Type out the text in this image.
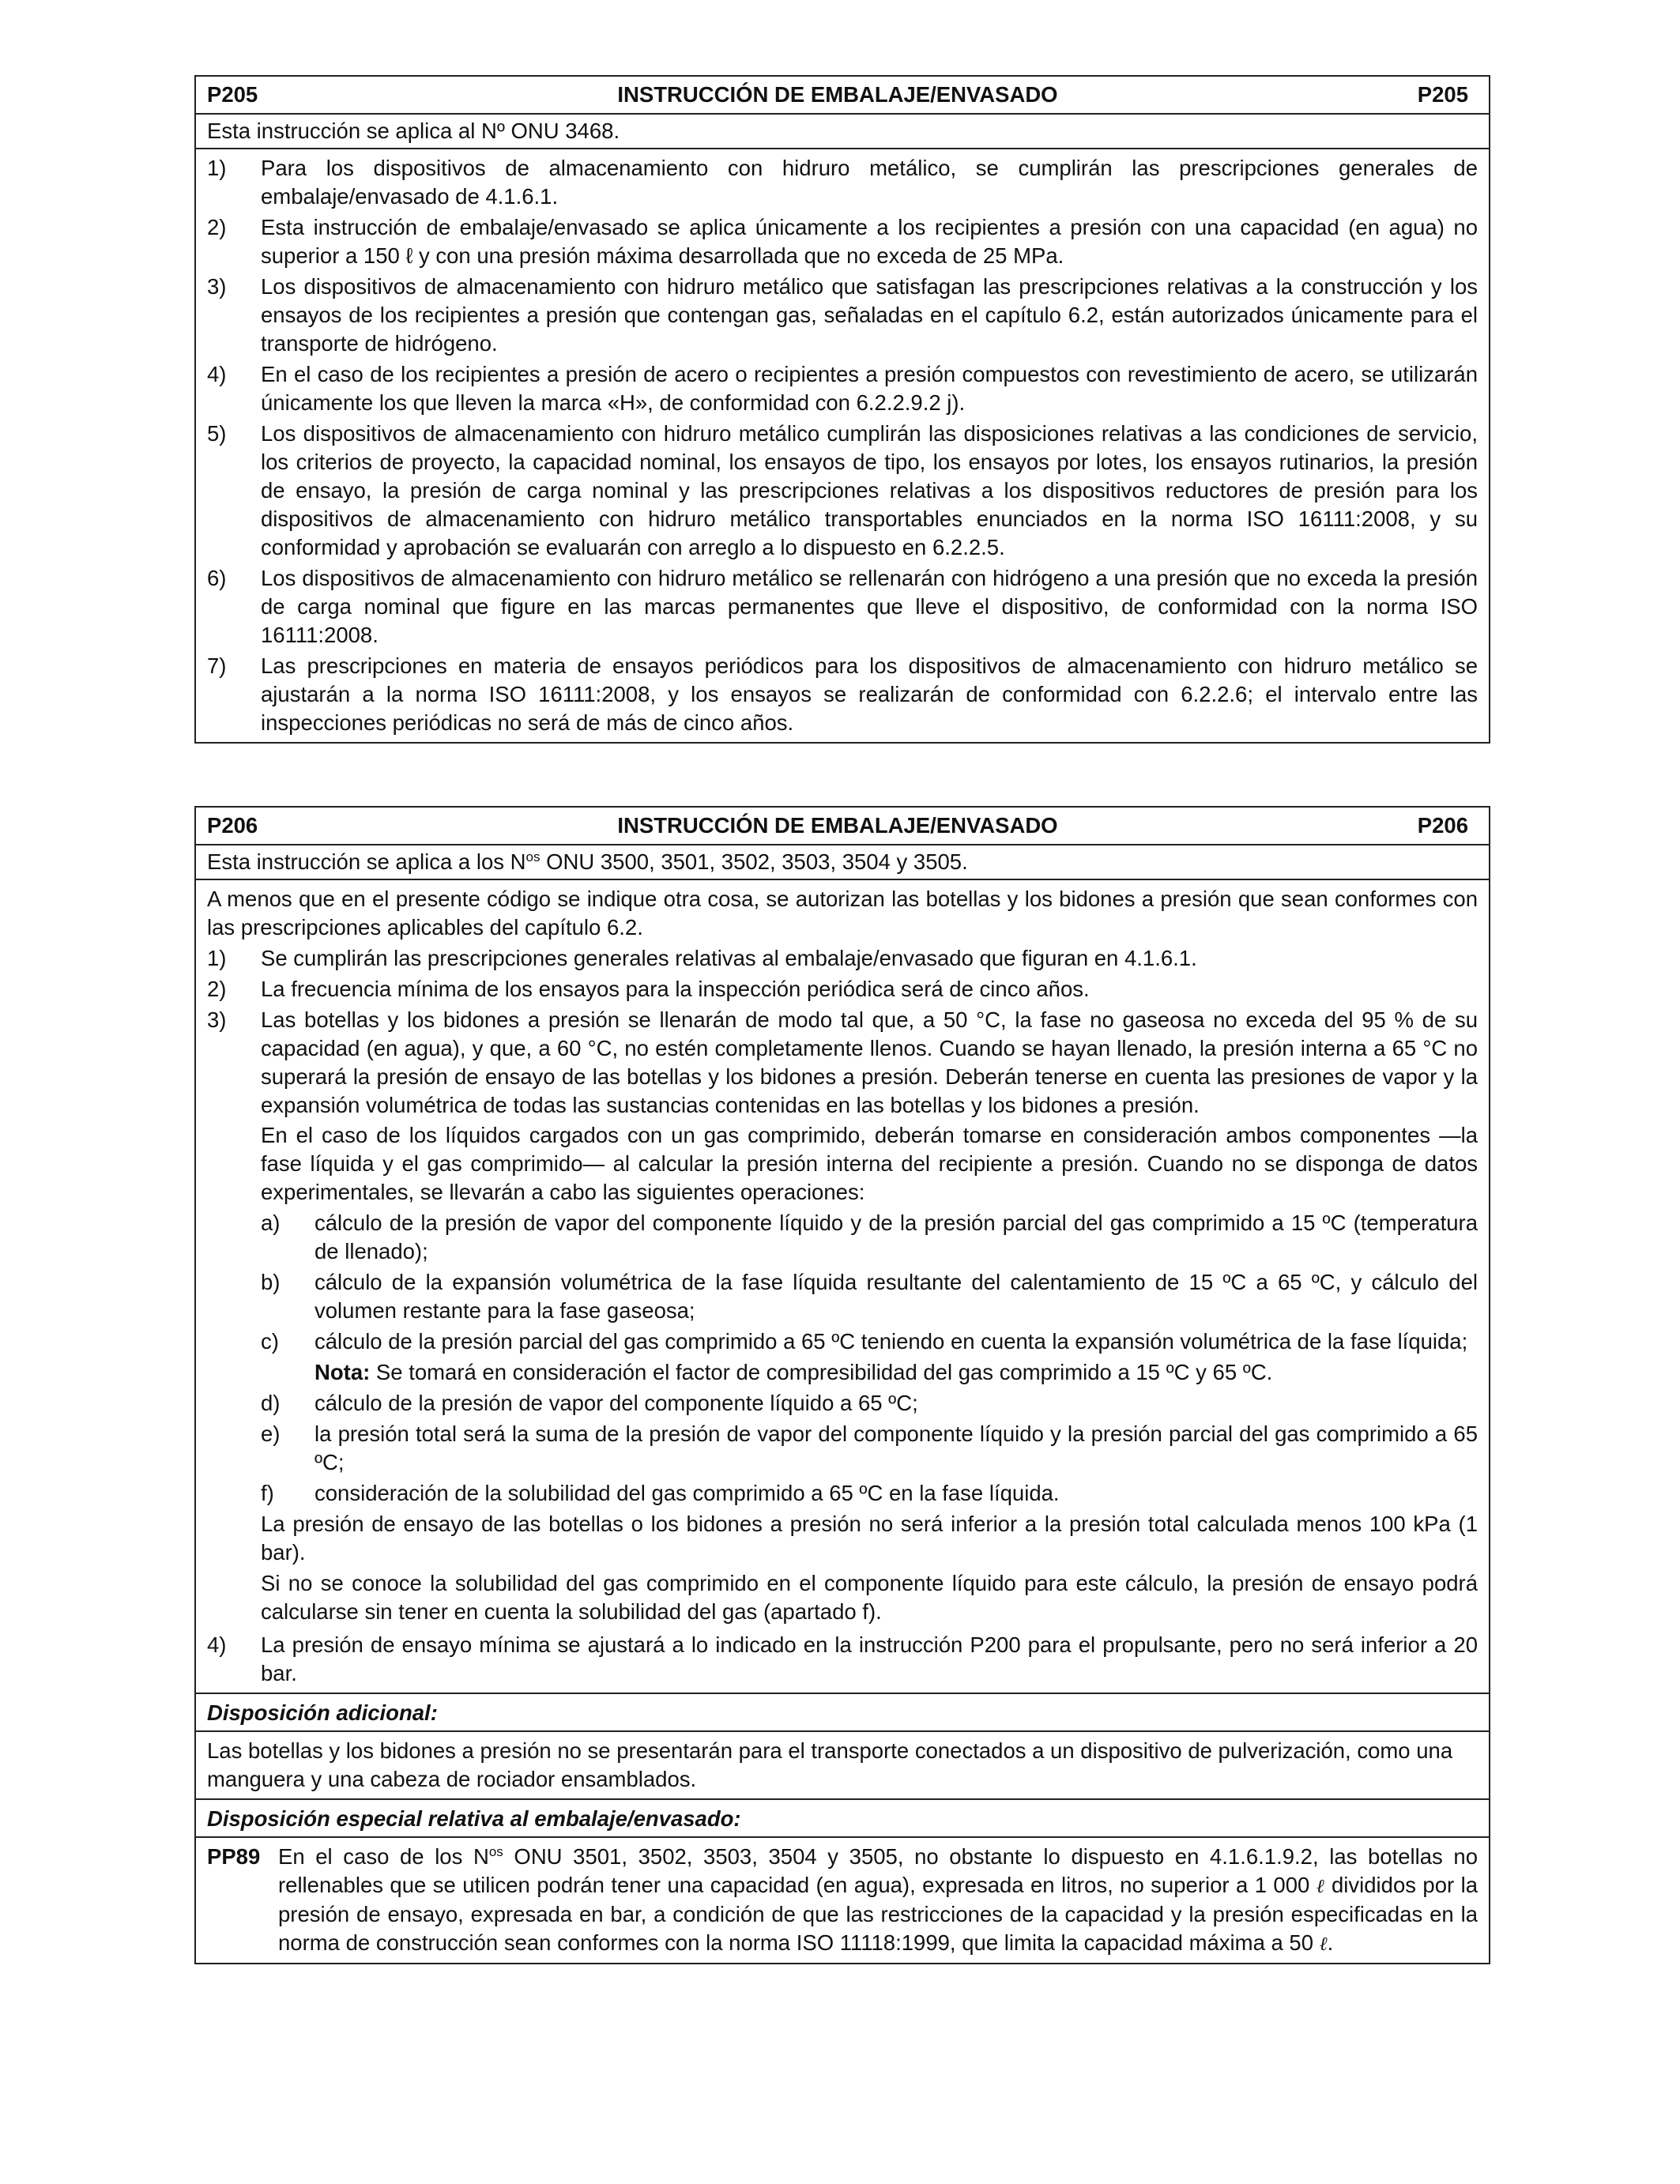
P205	INSTRUCCIÓN DE EMBALAJE/ENVASADO	P205
Esta instrucción se aplica al Nº ONU 3468.
1)	Para los dispositivos de almacenamiento con hidruro metálico, se cumplirán las prescripciones generales de embalaje/envasado de 4.1.6.1.
2)	Esta instrucción de embalaje/envasado se aplica únicamente a los recipientes a presión con una capacidad (en agua) no superior a 150 ℓ y con una presión máxima desarrollada que no exceda de 25 MPa.
3)	Los dispositivos de almacenamiento con hidruro metálico que satisfagan las prescripciones relativas a la construcción y los ensayos de los recipientes a presión que contengan gas, señaladas en el capítulo 6.2, están autorizados únicamente para el transporte de hidrógeno.
4)	En el caso de los recipientes a presión de acero o recipientes a presión compuestos con revestimiento de acero, se utilizarán únicamente los que lleven la marca «H», de conformidad con 6.2.2.9.2 j).
5)	Los dispositivos de almacenamiento con hidruro metálico cumplirán las disposiciones relativas a las condiciones de servicio, los criterios de proyecto, la capacidad nominal, los ensayos de tipo, los ensayos por lotes, los ensayos rutinarios, la presión de ensayo, la presión de carga nominal y las prescripciones relativas a los dispositivos reductores de presión para los dispositivos de almacenamiento con hidruro metálico transportables enunciados en la norma ISO 16111:2008, y su conformidad y aprobación se evaluarán con arreglo a lo dispuesto en 6.2.2.5.
6)	Los dispositivos de almacenamiento con hidruro metálico se rellenarán con hidrógeno a una presión que no exceda la presión de carga nominal que figure en las marcas permanentes que lleve el dispositivo, de conformidad con la norma ISO 16111:2008.
7)	Las prescripciones en materia de ensayos periódicos para los dispositivos de almacenamiento con hidruro metálico se ajustarán a la norma ISO 16111:2008, y los ensayos se realizarán de conformidad con 6.2.2.6; el intervalo entre las inspecciones periódicas no será de más de cinco años.
P206	INSTRUCCIÓN DE EMBALAJE/ENVASADO	P206
Esta instrucción se aplica a los $N^{os}$ ONU 3500, 3501, 3502, 3503, 3504 y 3505.
A menos que en el presente código se indique otra cosa, se autorizan las botellas y los bidones a presión que sean conformes con las prescripciones aplicables del capítulo 6.2.
1)	Se cumplirán las prescripciones generales relativas al embalaje/envasado que figuran en 4.1.6.1.
2)	La frecuencia mínima de los ensayos para la inspección periódica será de cinco años.
3)	Las botellas y los bidones a presión se llenarán de modo tal que, a 50 °C, la fase no gaseosa no exceda del 95 % de su capacidad (en agua), y que, a 60 °C, no estén completamente llenos. Cuando se hayan llenado, la presión interna a 65 °C no superará la presión de ensayo de las botellas y los bidones a presión. Deberán tenerse en cuenta las presiones de vapor y la expansión volumétrica de todas las sustancias contenidas en las botellas y los bidones a presión.
En el caso de los líquidos cargados con un gas comprimido, deberán tomarse en consideración ambos componentes —la fase líquida y el gas comprimido— al calcular la presión interna del recipiente a presión. Cuando no se disponga de datos experimentales, se llevarán a cabo las siguientes operaciones:
a)	cálculo de la presión de vapor del componente líquido y de la presión parcial del gas comprimido a 15 ºC (temperatura de llenado);
b)	cálculo de la expansión volumétrica de la fase líquida resultante del calentamiento de 15 ºC a 65 ºC, y cálculo del volumen restante para la fase gaseosa;
c)	cálculo de la presión parcial del gas comprimido a 65 ºC teniendo en cuenta la expansión volumétrica de la fase líquida;
Nota: Se tomará en consideración el factor de compresibilidad del gas comprimido a 15 ºC y 65 ºC.
d)	cálculo de la presión de vapor del componente líquido a 65 ºC;
e)	la presión total será la suma de la presión de vapor del componente líquido y la presión parcial del gas comprimido a 65 ºC;
f)	consideración de la solubilidad del gas comprimido a 65 ºC en la fase líquida.
La presión de ensayo de las botellas o los bidones a presión no será inferior a la presión total calculada menos 100 kPa (1 bar).
Si no se conoce la solubilidad del gas comprimido en el componente líquido para este cálculo, la presión de ensayo podrá calcularse sin tener en cuenta la solubilidad del gas (apartado f).
4)	La presión de ensayo mínima se ajustará a lo indicado en la instrucción P200 para el propulsante, pero no será inferior a 20 bar.
Disposición adicional:
Las botellas y los bidones a presión no se presentarán para el transporte conectados a un dispositivo de pulverización, como una manguera y una cabeza de rociador ensamblados.
Disposición especial relativa al embalaje/envasado:
PP89 En el caso de los $N^{os}$ ONU 3501, 3502, 3503, 3504 y 3505, no obstante lo dispuesto en 4.1.6.1.9.2, las botellas no rellenables que se utilicen podrán tener una capacidad (en agua), expresada en litros, no superior a 1 000 ℓ divididos por la presión de ensayo, expresada en bar, a condición de que las restricciones de la capacidad y la presión especificadas en la norma de construcción sean conformes con la norma ISO 11118:1999, que limita la capacidad máxima a 50 ℓ.
